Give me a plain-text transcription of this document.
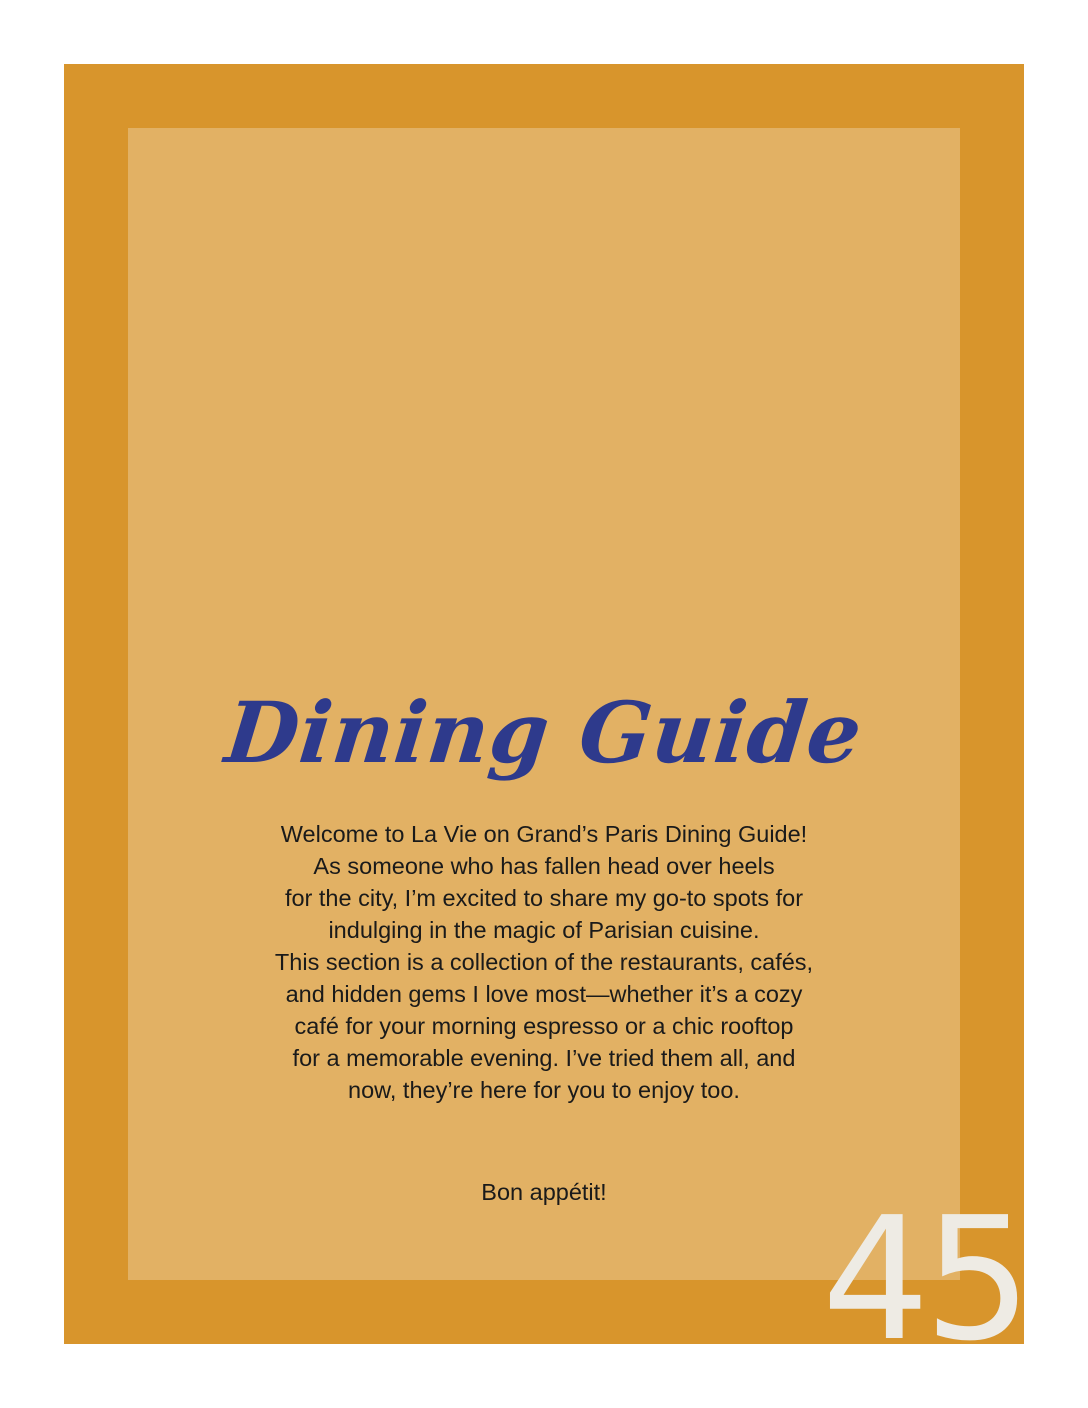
Dining Guide

Welcome to La Vie on Grand’s Paris Dining Guide!
As someone who has fallen head over heels
for the city, I’m excited to share my go-to spots for
indulging in the magic of Parisian cuisine.
This section is a collection of the restaurants, cafés,
and hidden gems I love most—whether it’s a cozy
café for your morning espresso or a chic rooftop
for a memorable evening. I’ve tried them all, and
now, they’re here for you to enjoy too.

Bon appétit!	45
